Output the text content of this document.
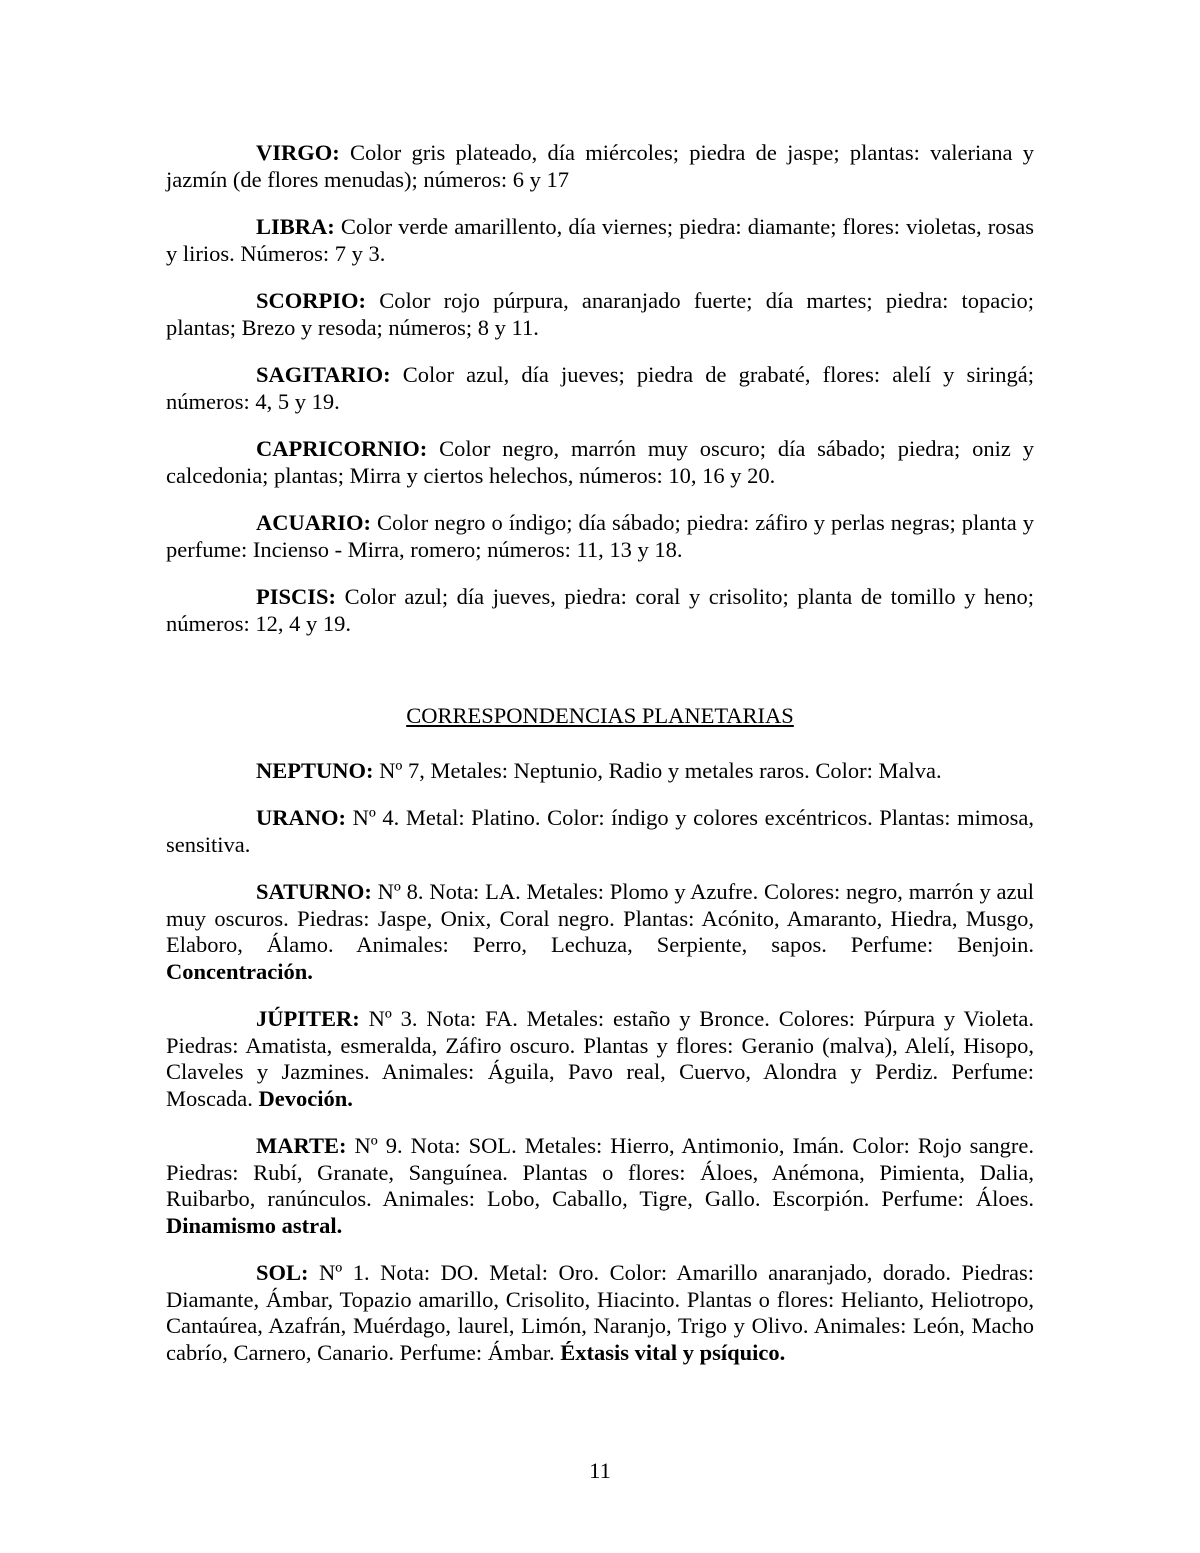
VIRGO: Color gris plateado, día miércoles; piedra de jaspe; plantas: valeriana y jazmín (de flores menudas); números: 6 y 17

LIBRA: Color verde amarillento, día viernes; piedra: diamante; flores: violetas, rosas y lirios. Números: 7 y 3.

SCORPIO: Color rojo púrpura, anaranjado fuerte; día martes; piedra: topacio; plantas; Brezo y resoda; números; 8 y 11.

SAGITARIO: Color azul, día jueves; piedra de grabaté, flores: alelí y siringá; números: 4, 5 y 19.

CAPRICORNIO: Color negro, marrón muy oscuro; día sábado; piedra; oniz y calcedonia; plantas; Mirra y ciertos helechos, números: 10, 16 y 20.

ACUARIO: Color negro o índigo; día sábado; piedra: záfiro y perlas negras; planta y perfume: Incienso - Mirra, romero; números: 11, 13 y 18.

PISCIS: Color azul; día jueves, piedra: coral y crisolito; planta de tomillo y heno; números: 12, 4 y 19.

CORRESPONDENCIAS PLANETARIAS

NEPTUNO: Nº 7, Metales: Neptunio, Radio y metales raros. Color: Malva.

URANO: Nº 4. Metal: Platino. Color: índigo y colores excéntricos. Plantas: mimosa, sensitiva.

SATURNO: Nº 8. Nota: LA. Metales: Plomo y Azufre. Colores: negro, marrón y azul muy oscuros. Piedras: Jaspe, Onix, Coral negro. Plantas: Acónito, Amaranto, Hiedra, Musgo, Elaboro, Álamo. Animales: Perro, Lechuza, Serpiente, sapos. Perfume: Benjoin. Concentración.

JÚPITER: Nº 3. Nota: FA. Metales: estaño y Bronce. Colores: Púrpura y Violeta. Piedras: Amatista, esmeralda, Záfiro oscuro. Plantas y flores: Geranio (malva), Alelí, Hisopo, Claveles y Jazmines. Animales: Águila, Pavo real, Cuervo, Alondra y Perdiz. Perfume: Moscada. Devoción.

MARTE: Nº 9. Nota: SOL. Metales: Hierro, Antimonio, Imán. Color: Rojo sangre. Piedras: Rubí, Granate, Sanguínea. Plantas o flores: Áloes, Anémona, Pimienta, Dalia, Ruibarbo, ranúnculos. Animales: Lobo, Caballo, Tigre, Gallo. Escorpión. Perfume: Áloes. Dinamismo astral.

SOL: Nº 1. Nota: DO. Metal: Oro. Color: Amarillo anaranjado, dorado. Piedras: Diamante, Ámbar, Topazio amarillo, Crisolito, Hiacinto. Plantas o flores: Helianto, Heliotropo, Cantaúrea, Azafrán, Muérdago, laurel, Limón, Naranjo, Trigo y Olivo. Animales: León, Macho cabrío, Carnero, Canario. Perfume: Ámbar. Éxtasis vital y psíquico.

11
